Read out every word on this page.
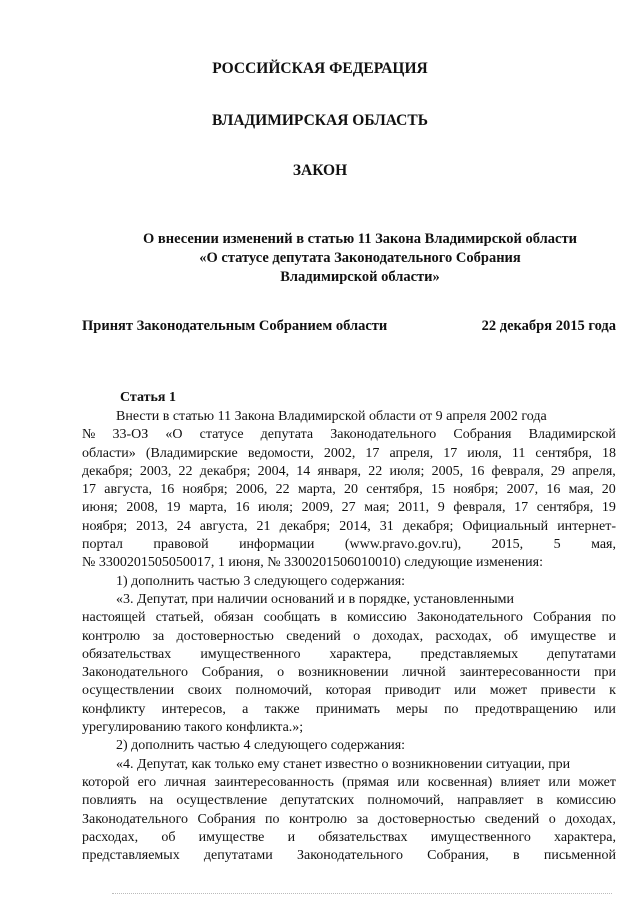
РОССИЙСКАЯ ФЕДЕРАЦИЯ
ВЛАДИМИРСКАЯ ОБЛАСТЬ
ЗАКОН
О внесении изменений в статью 11 Закона Владимирской области
«О статусе депутата Законодательного Собрания
Владимирской области»
Принят Законодательным Собранием области	22 декабря 2015 года
Статья 1
Внести в статью 11 Закона Владимирской области от 9 апреля 2002 года
№ 33-ОЗ «О статусе депутата Законодательного Собрания Владимирской
области» (Владимирские ведомости, 2002, 17 апреля, 17 июля, 11 сентября, 18
декабря; 2003, 22 декабря; 2004, 14 января, 22 июля; 2005, 16 февраля, 29 апреля,
17 августа, 16 ноября; 2006, 22 марта, 20 сентября, 15 ноября; 2007, 16 мая, 20
июня; 2008, 19 марта, 16 июля; 2009, 27 мая; 2011, 9 февраля, 17 сентября, 19
ноября; 2013, 24 августа, 21 декабря; 2014, 31 декабря; Официальный интернет-
портал правовой информации (www.pravo.gov.ru), 2015, 5 мая,
№ 3300201505050017, 1 июня, № 3300201506010010) следующие изменения:
1) дополнить частью 3 следующего содержания:
«3. Депутат, при наличии оснований и в порядке, установленными
настоящей статьей, обязан сообщать в комиссию Законодательного Собрания по
контролю за достоверностью сведений о доходах, расходах, об имуществе и
обязательствах имущественного характера, представляемых депутатами
Законодательного Собрания, о возникновении личной заинтересованности при
осуществлении своих полномочий, которая приводит или может привести к
конфликту интересов, а также принимать меры по предотвращению или
урегулированию такого конфликта.»;
2) дополнить частью 4 следующего содержания:
«4. Депутат, как только ему станет известно о возникновении ситуации, при
которой его личная заинтересованность (прямая или косвенная) влияет или может
повлиять на осуществление депутатских полномочий, направляет в комиссию
Законодательного Собрания по контролю за достоверностью сведений о доходах,
расходах, об имуществе и обязательствах имущественного характера,
представляемых депутатами Законодательного Собрания, в письменной
